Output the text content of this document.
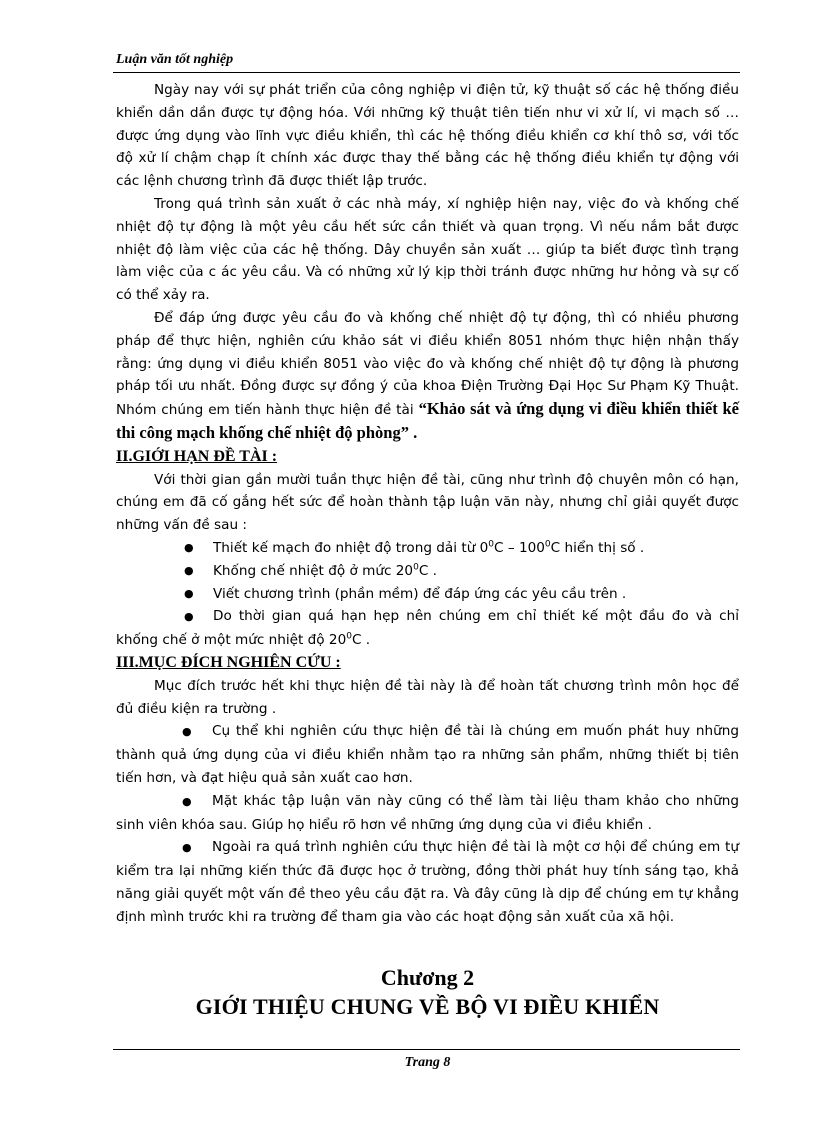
Luận văn tốt nghiệp

Ngày nay với sự phát triển của công nghiệp vi điện tử, kỹ thuật số các hệ thống điều khiển dần dần được tự động hóa. Với những kỹ thuật tiên tiến như vi xử lí, vi mạch số … được ứng dụng vào lĩnh vực điều khiển, thì các hệ thống điều khiển cơ khí thô sơ, với tốc độ xử lí chậm chạp ít chính xác được thay thế bằng các hệ thống điều khiển tự động với các lệnh chương trình đã được thiết lập trước.

Trong quá trình sản xuất ở các nhà máy, xí nghiệp hiện nay, việc đo và khống chế nhiệt độ tự động là một yêu cầu hết sức cần thiết và quan trọng. Vì nếu nắm bắt được nhiệt độ làm việc của các hệ thống. Dây chuyền sản xuất … giúp ta biết được tình trạng làm việc của c ác yêu cầu. Và có những xử lý kịp thời tránh được những hư hỏng và sự cố có thể xảy ra.

Để đáp ứng được yêu cầu đo và khống chế nhiệt độ tự động, thì có nhiều phương pháp để thực hiện, nghiên cứu khảo sát vi điều khiển 8051 nhóm thực hiện nhận thấy rằng: ứng dụng vi điều khiển 8051 vào việc đo và khống chế nhiệt độ tự động là phương pháp tối ưu nhất. Đồng được sự đồng ý của khoa Điện Trường Đại Học Sư Phạm Kỹ Thuật. Nhóm chúng em tiến hành thực hiện đề tài “Khảo sát và ứng dụng vi điều khiển thiết kế thi công mạch khống chế nhiệt độ phòng” .

II.GIỚI HẠN ĐỀ TÀI :

Với thời gian gần mười tuần thực hiện đề tài, cũng như trình độ chuyên môn có hạn, chúng em đã cố gắng hết sức để hoàn thành tập luận văn này, nhưng chỉ giải quyết được những vấn đề sau :

● Thiết kế mạch đo nhiệt độ trong dải từ $0^0C - 100^0C$ hiển thị số .
● Khống chế nhiệt độ ở mức $20^0C$ .
● Viết chương trình (phần mềm) để đáp ứng các yêu cầu trên .
● Do thời gian quá hạn hẹp nên chúng em chỉ thiết kế một đầu đo và chỉ khống chế ở một mức nhiệt độ $20^0C$ .

III.MỤC ĐÍCH NGHIÊN CỨU :

Mục đích trước hết khi thực hiện đề tài này là để hoàn tất chương trình môn học để đủ điều kiện ra trường .

● Cụ thể khi nghiên cứu thực hiện đề tài là chúng em muốn phát huy những thành quả ứng dụng của vi điều khiển nhằm tạo ra những sản phẩm, những thiết bị tiên tiến hơn, và đạt hiệu quả sản xuất cao hơn.

● Mặt khác tập luận văn này cũng có thể làm tài liệu tham khảo cho những sinh viên khóa sau. Giúp họ hiểu rõ hơn về những ứng dụng của vi điều khiển .

● Ngoài ra quá trình nghiên cứu thực hiện đề tài là một cơ hội để chúng em tự kiểm tra lại những kiến thức đã được học ở trường, đồng thời phát huy tính sáng tạo, khả năng giải quyết một vấn đề theo yêu cầu đặt ra. Và đây cũng là dịp để chúng em tự khẳng định mình trước khi ra trường để tham gia vào các hoạt động sản xuất của xã hội.

Chương 2
GIỚI THIỆU CHUNG VỀ BỘ VI ĐIỀU KHIỂN
Trang 8
